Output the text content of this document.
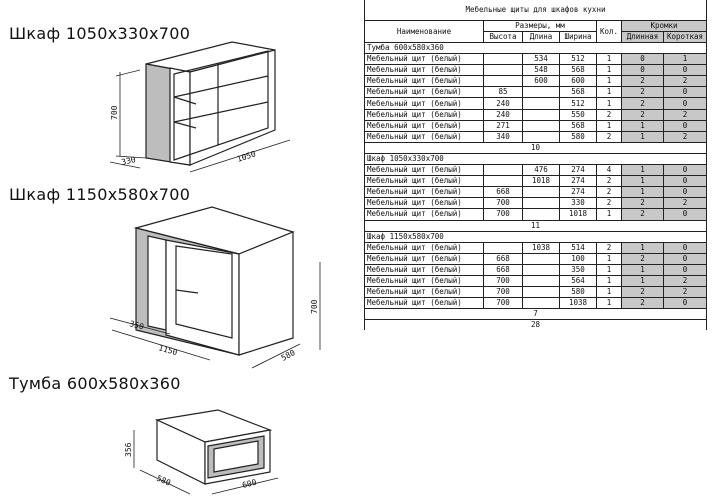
Шкаф 1050x330x700
Шкаф 1150x580x700
Тумба 600x580x360
700
330	1050
700
350
1150	580
356
580	600
Мебельные щиты для шкафов кухни						
Наименование	Размеры, мм			Кол.	Кромки	
	Высота	Длина	Ширина		Длинная	Короткая
Тумба 600x580x360						
Мебельный щит (белый)		534	512	1	0	1
Мебельный щит (белый)		548	568	1	0	0
Мебельный щит (белый)		600	600	1	2	2
Мебельный щит (белый)	85		568	1	2	0
Мебельный щит (белый)	240		512	1	2	0
Мебельный щит (белый)	240		550	2	2	2
Мебельный щит (белый)	271		568	1	1	0
Мебельный щит (белый)	340		580	2	1	2
10						
Шкаф 1050x330x700						
Мебельный щит (белый)		476	274	4	1	0
Мебельный щит (белый)		1018	274	2	1	0
Мебельный щит (белый)	668		274	2	1	0
Мебельный щит (белый)	700		330	2	2	2
Мебельный щит (белый)	700		1018	1	2	0
11						
Шкаф 1150x580x700						
Мебельный щит (белый)		1038	514	2	1	0
Мебельный щит (белый)	668		100	1	2	0
Мебельный щит (белый)	668		350	1	1	0
Мебельный щит (белый)	700		564	1	1	2
Мебельный щит (белый)	700		580	1	2	2
Мебельный щит (белый)	700		1038	1	2	0
7						
28						
